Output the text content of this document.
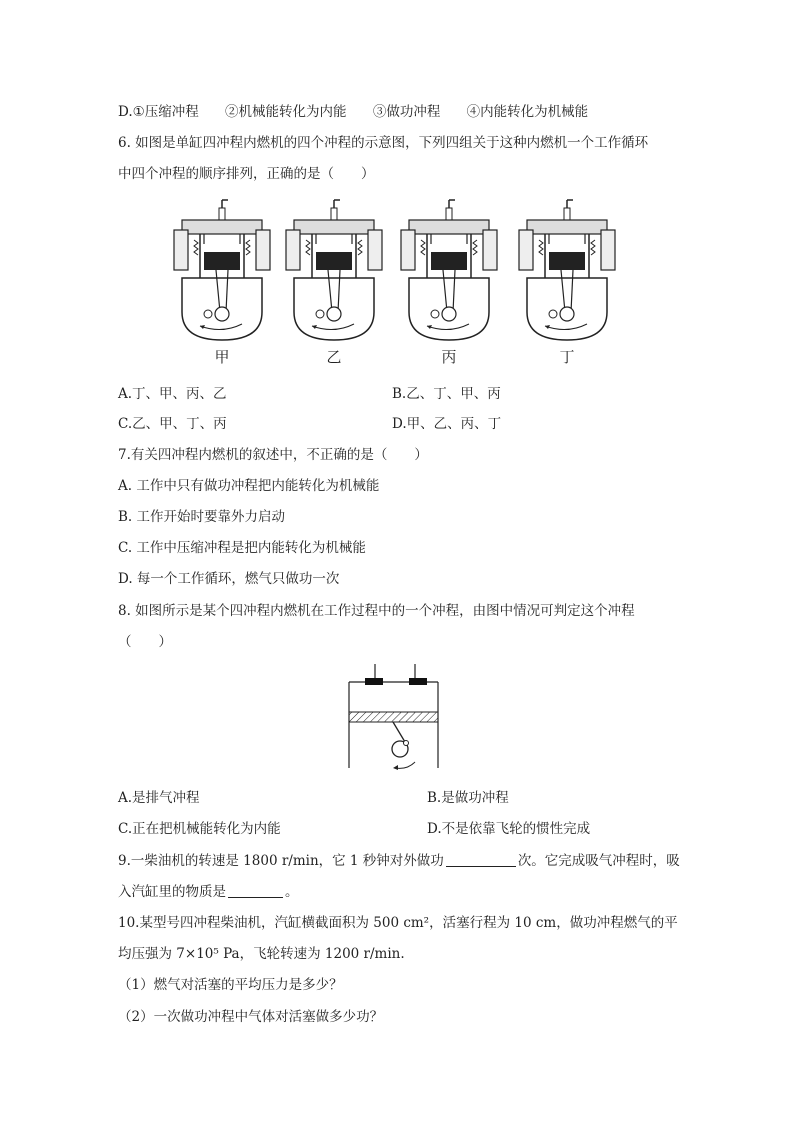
D.①压缩冲程 ②机械能转化为内能 ③做功冲程 ④内能转化为机械能
6. 如图是单缸四冲程内燃机的四个冲程的示意图，下列四组关于这种内燃机一个工作循环
中四个冲程的顺序排列，正确的是（　　）
甲	乙	丙	丁
A.丁、甲、丙、乙	B.乙、丁、甲、丙
C.乙、甲、丁、丙	D.甲、乙、丙、丁
7.有关四冲程内燃机的叙述中，不正确的是（　　）
A. 工作中只有做功冲程把内能转化为机械能
B. 工作开始时要靠外力启动
C. 工作中压缩冲程是把内能转化为机械能
D. 每一个工作循环，燃气只做功一次
8. 如图所示是某个四冲程内燃机在工作过程中的一个冲程，由图中情况可判定这个冲程
（　　）
A.是排气冲程	B.是做功冲程
C.正在把机械能转化为内能	D.不是依靠飞轮的惯性完成
9.一柴油机的转速是 1800 r/min，它 1 秒钟对外做功	次。它完成吸气冲程时，吸
入汽缸里的物质是	。
10.某型号四冲程柴油机，汽缸横截面积为 500 cm²，活塞行程为 10 cm，做功冲程燃气的平
均压强为 7×10⁵ Pa，飞轮转速为 1200 r/min.
（1）燃气对活塞的平均压力是多少？
（2）一次做功冲程中气体对活塞做多少功？
